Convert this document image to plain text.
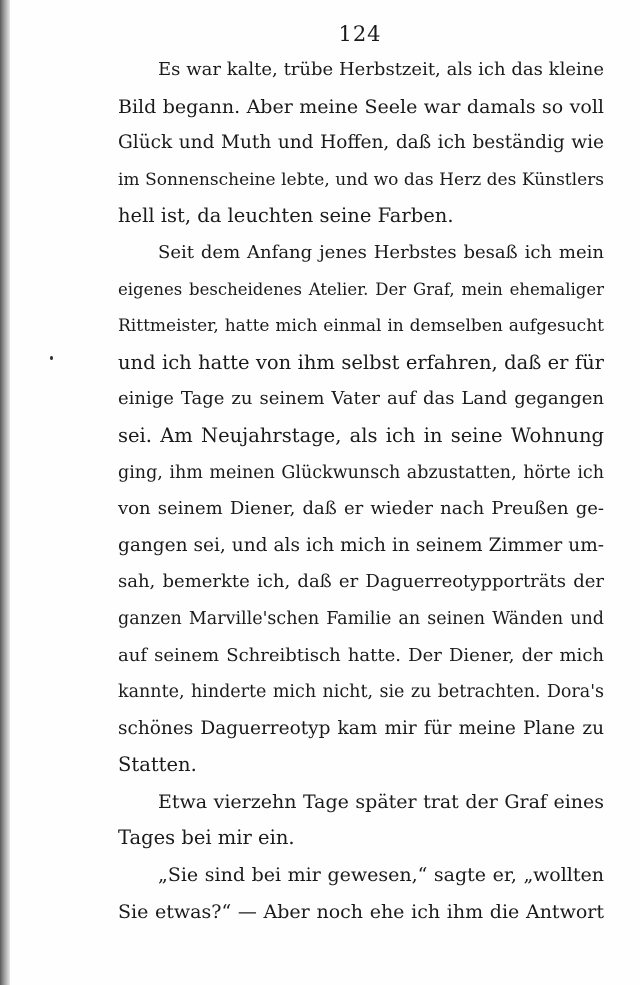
124
Es war kalte, trübe Herbstzeit, als ich das kleine
Bild begann. Aber meine Seele war damals so voll
Glück und Muth und Hoffen, daß ich beständig wie
im Sonnenscheine lebte, und wo das Herz des Künstlers
hell ist, da leuchten seine Farben.
Seit dem Anfang jenes Herbstes besaß ich mein
eigenes bescheidenes Atelier. Der Graf, mein ehemaliger
Rittmeister, hatte mich einmal in demselben aufgesucht
und ich hatte von ihm selbst erfahren, daß er für
einige Tage zu seinem Vater auf das Land gegangen
sei. Am Neujahrstage, als ich in seine Wohnung
ging, ihm meinen Glückwunsch abzustatten, hörte ich
von seinem Diener, daß er wieder nach Preußen ge-
gangen sei, und als ich mich in seinem Zimmer um-
sah, bemerkte ich, daß er Daguerreotypporträts der
ganzen Marville'schen Familie an seinen Wänden und
auf seinem Schreibtisch hatte. Der Diener, der mich
kannte, hinderte mich nicht, sie zu betrachten. Dora's
schönes Daguerreotyp kam mir für meine Plane zu
Statten.
Etwa vierzehn Tage später trat der Graf eines
Tages bei mir ein.
„Sie sind bei mir gewesen,“ sagte er, „wollten
Sie etwas?“ — Aber noch ehe ich ihm die Antwort
